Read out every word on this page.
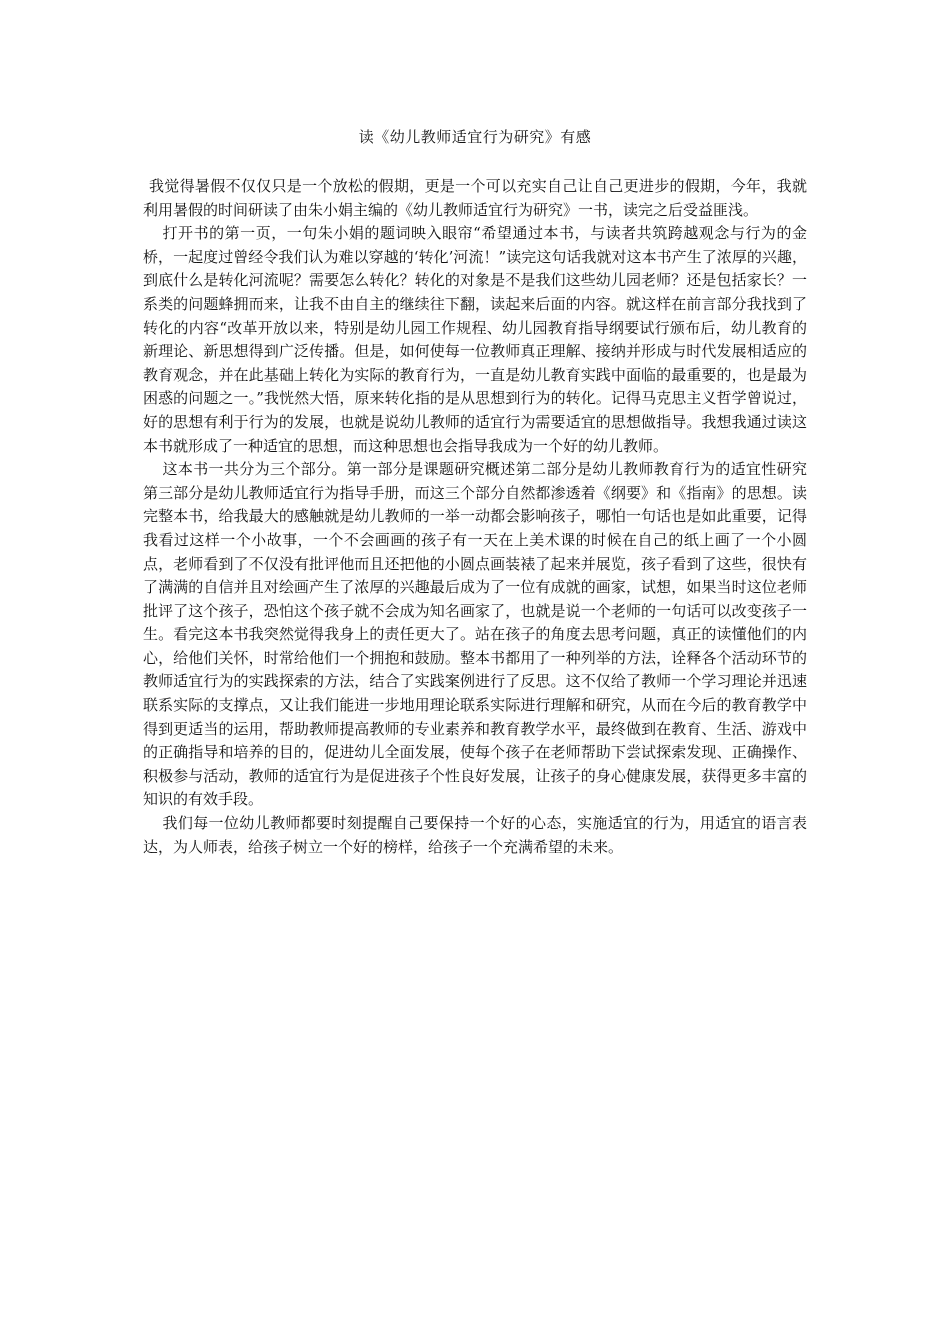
读《幼儿教师适宜行为研究》有感

我觉得暑假不仅仅只是一个放松的假期，更是一个可以充实自己让自己更进步的假期，今年，我就利用暑假的时间研读了由朱小娟主编的《幼儿教师适宜行为研究》一书，读完之后受益匪浅。

打开书的第一页，一句朱小娟的题词映入眼帘“希望通过本书，与读者共筑跨越观念与行为的金桥，一起度过曾经令我们认为难以穿越的‘转化’河流！”读完这句话我就对这本书产生了浓厚的兴趣，到底什么是转化河流呢？需要怎么转化？转化的对象是不是我们这些幼儿园老师？还是包括家长？一系类的问题蜂拥而来，让我不由自主的继续往下翻，读起来后面的内容。就这样在前言部分我找到了转化的内容“改革开放以来，特别是幼儿园工作规程、幼儿园教育指导纲要试行颁布后，幼儿教育的新理论、新思想得到广泛传播。但是，如何使每一位教师真正理解、接纳并形成与时代发展相适应的教育观念，并在此基础上转化为实际的教育行为，一直是幼儿教育实践中面临的最重要的，也是最为困惑的问题之一。”我恍然大悟，原来转化指的是从思想到行为的转化。记得马克思主义哲学曾说过，好的思想有利于行为的发展，也就是说幼儿教师的适宜行为需要适宜的思想做指导。我想我通过读这本书就形成了一种适宜的思想，而这种思想也会指导我成为一个好的幼儿教师。

这本书一共分为三个部分。第一部分是课题研究概述第二部分是幼儿教师教育行为的适宜性研究第三部分是幼儿教师适宜行为指导手册，而这三个部分自然都渗透着《纲要》和《指南》的思想。读完整本书，给我最大的感触就是幼儿教师的一举一动都会影响孩子，哪怕一句话也是如此重要，记得我看过这样一个小故事，一个不会画画的孩子有一天在上美术课的时候在自己的纸上画了一个小圆点，老师看到了不仅没有批评他而且还把他的小圆点画装裱了起来并展览，孩子看到了这些，很快有了满满的自信并且对绘画产生了浓厚的兴趣最后成为了一位有成就的画家，试想，如果当时这位老师批评了这个孩子，恐怕这个孩子就不会成为知名画家了，也就是说一个老师的一句话可以改变孩子一生。看完这本书我突然觉得我身上的责任更大了。站在孩子的角度去思考问题，真正的读懂他们的内心，给他们关怀，时常给他们一个拥抱和鼓励。整本书都用了一种列举的方法，诠释各个活动环节的教师适宜行为的实践探索的方法，结合了实践案例进行了反思。这不仅给了教师一个学习理论并迅速联系实际的支撑点，又让我们能进一步地用理论联系实际进行理解和研究，从而在今后的教育教学中得到更适当的运用，帮助教师提高教师的专业素养和教育教学水平，最终做到在教育、生活、游戏中的正确指导和培养的目的，促进幼儿全面发展，使每个孩子在老师帮助下尝试探索发现、正确操作、积极参与活动，教师的适宜行为是促进孩子个性良好发展，让孩子的身心健康发展，获得更多丰富的知识的有效手段。

我们每一位幼儿教师都要时刻提醒自己要保持一个好的心态，实施适宜的行为，用适宜的语言表达，为人师表，给孩子树立一个好的榜样，给孩子一个充满希望的未来。
